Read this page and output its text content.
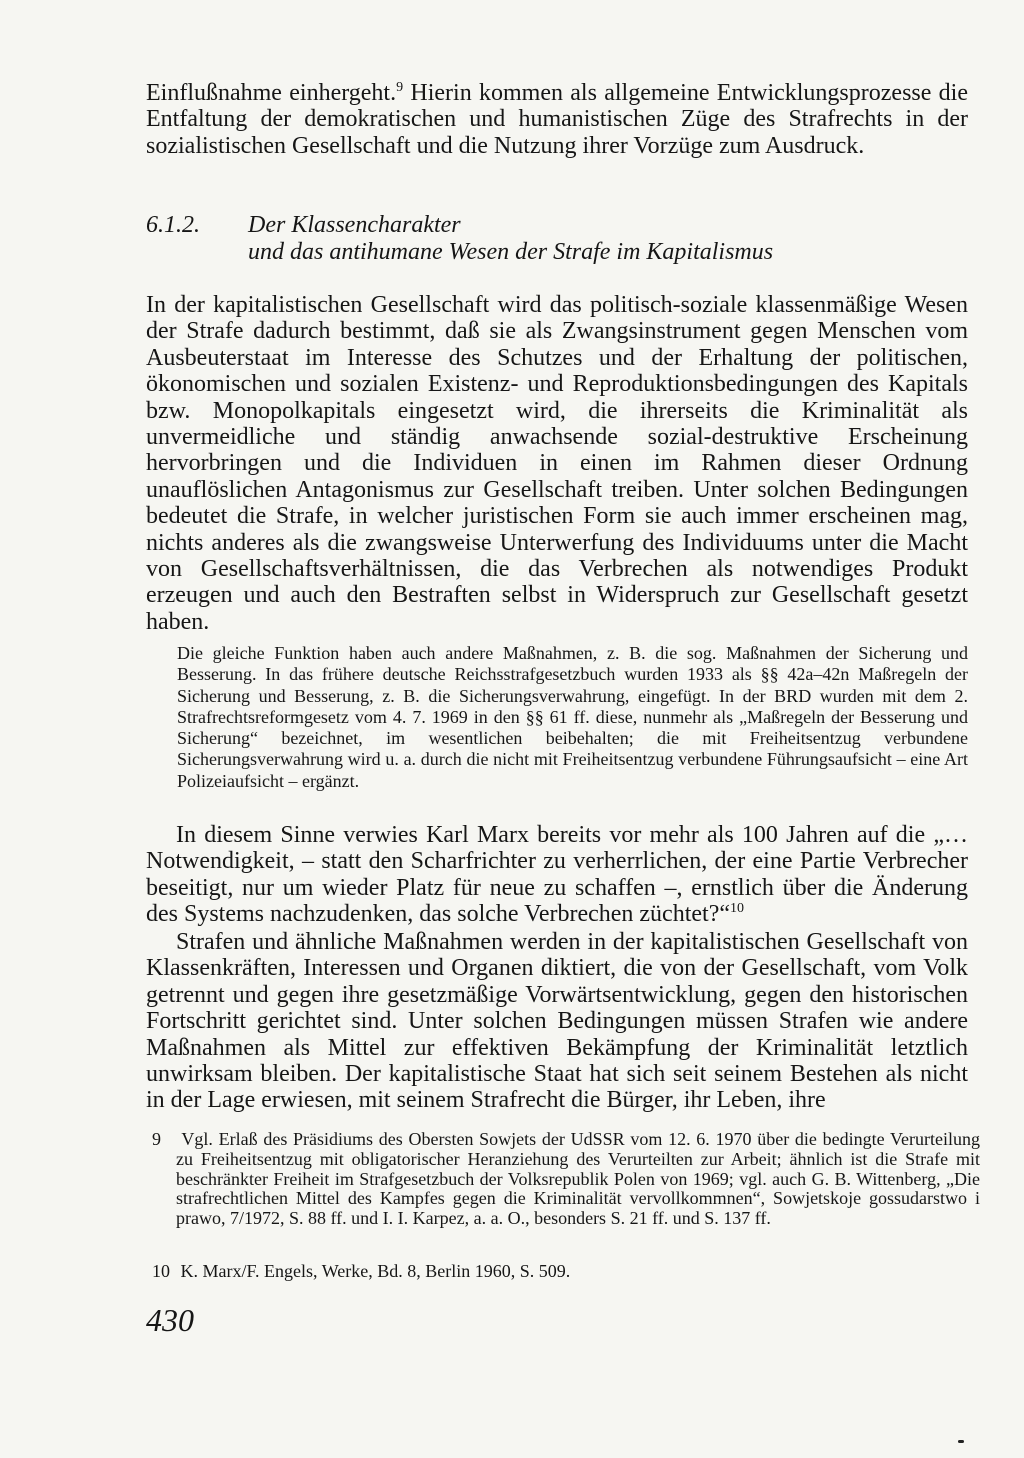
Einflußnahme einhergeht.$^9$ Hierin kommen als allgemeine Entwicklungsprozesse die Entfaltung der demokratischen und humanistischen Züge des Strafrechts in der sozialistischen Gesellschaft und die Nutzung ihrer Vorzüge zum Ausdruck.

6.1.2. Der Klassencharakter
und das antihumane Wesen der Strafe im Kapitalismus

In der kapitalistischen Gesellschaft wird das politisch-soziale klassenmäßige Wesen der Strafe dadurch bestimmt, daß sie als Zwangsinstrument gegen Menschen vom Ausbeuterstaat im Interesse des Schutzes und der Erhaltung der politischen, ökonomischen und sozialen Existenz- und Reproduktionsbedingungen des Kapitals bzw. Monopolkapitals eingesetzt wird, die ihrerseits die Kriminalität als unvermeidliche und ständig anwachsende sozial-destruktive Erscheinung hervorbringen und die Individuen in einen im Rahmen dieser Ordnung unauflöslichen Antagonismus zur Gesellschaft treiben. Unter solchen Bedingungen bedeutet die Strafe, in welcher juristischen Form sie auch immer erscheinen mag, nichts anderes als die zwangsweise Unterwerfung des Individuums unter die Macht von Gesellschaftsverhältnissen, die das Verbrechen als notwendiges Produkt erzeugen und auch den Bestraften selbst in Widerspruch zur Gesellschaft gesetzt haben.

Die gleiche Funktion haben auch andere Maßnahmen, z. B. die sog. Maßnahmen der Sicherung und Besserung. In das frühere deutsche Reichsstrafgesetzbuch wurden 1933 als §§ 42a–42n Maßregeln der Sicherung und Besserung, z. B. die Sicherungsverwahrung, eingefügt. In der BRD wurden mit dem 2. Strafrechtsreformgesetz vom 4. 7. 1969 in den §§ 61 ff. diese, nunmehr als „Maßregeln der Besserung und Sicherung“ bezeichnet, im wesentlichen beibehalten; die mit Freiheitsentzug verbundene Sicherungsverwahrung wird u. a. durch die nicht mit Freiheitsentzug verbundene Führungsaufsicht – eine Art Polizeiaufsicht – ergänzt.

In diesem Sinne verwies Karl Marx bereits vor mehr als 100 Jahren auf die „… Notwendigkeit, – statt den Scharfrichter zu verherrlichen, der eine Partie Verbrecher beseitigt, nur um wieder Platz für neue zu schaffen –, ernstlich über die Änderung des Systems nachzudenken, das solche Verbrechen züchtet?“$^{10}$

Strafen und ähnliche Maßnahmen werden in der kapitalistischen Gesellschaft von Klassenkräften, Interessen und Organen diktiert, die von der Gesellschaft, vom Volk getrennt und gegen ihre gesetzmäßige Vorwärtsentwicklung, gegen den historischen Fortschritt gerichtet sind. Unter solchen Bedingungen müssen Strafen wie andere Maßnahmen als Mittel zur effektiven Bekämpfung der Kriminalität letztlich unwirksam bleiben. Der kapitalistische Staat hat sich seit seinem Bestehen als nicht in der Lage erwiesen, mit seinem Strafrecht die Bürger, ihr Leben, ihre

9 Vgl. Erlaß des Präsidiums des Obersten Sowjets der UdSSR vom 12. 6. 1970 über die bedingte Verurteilung zu Freiheitsentzug mit obligatorischer Heranziehung des Verurteilten zur Arbeit; ähnlich ist die Strafe mit beschränkter Freiheit im Strafgesetzbuch der Volksrepublik Polen von 1969; vgl. auch G. B. Wittenberg, „Die strafrechtlichen Mittel des Kampfes gegen die Kriminalität vervollkommnen“, Sowjetskoje gossudarstwo i prawo, 7/1972, S. 88 ff. und I. I. Karpez, a. a. O., besonders S. 21 ff. und S. 137 ff.

10 K. Marx/F. Engels, Werke, Bd. 8, Berlin 1960, S. 509.

430
